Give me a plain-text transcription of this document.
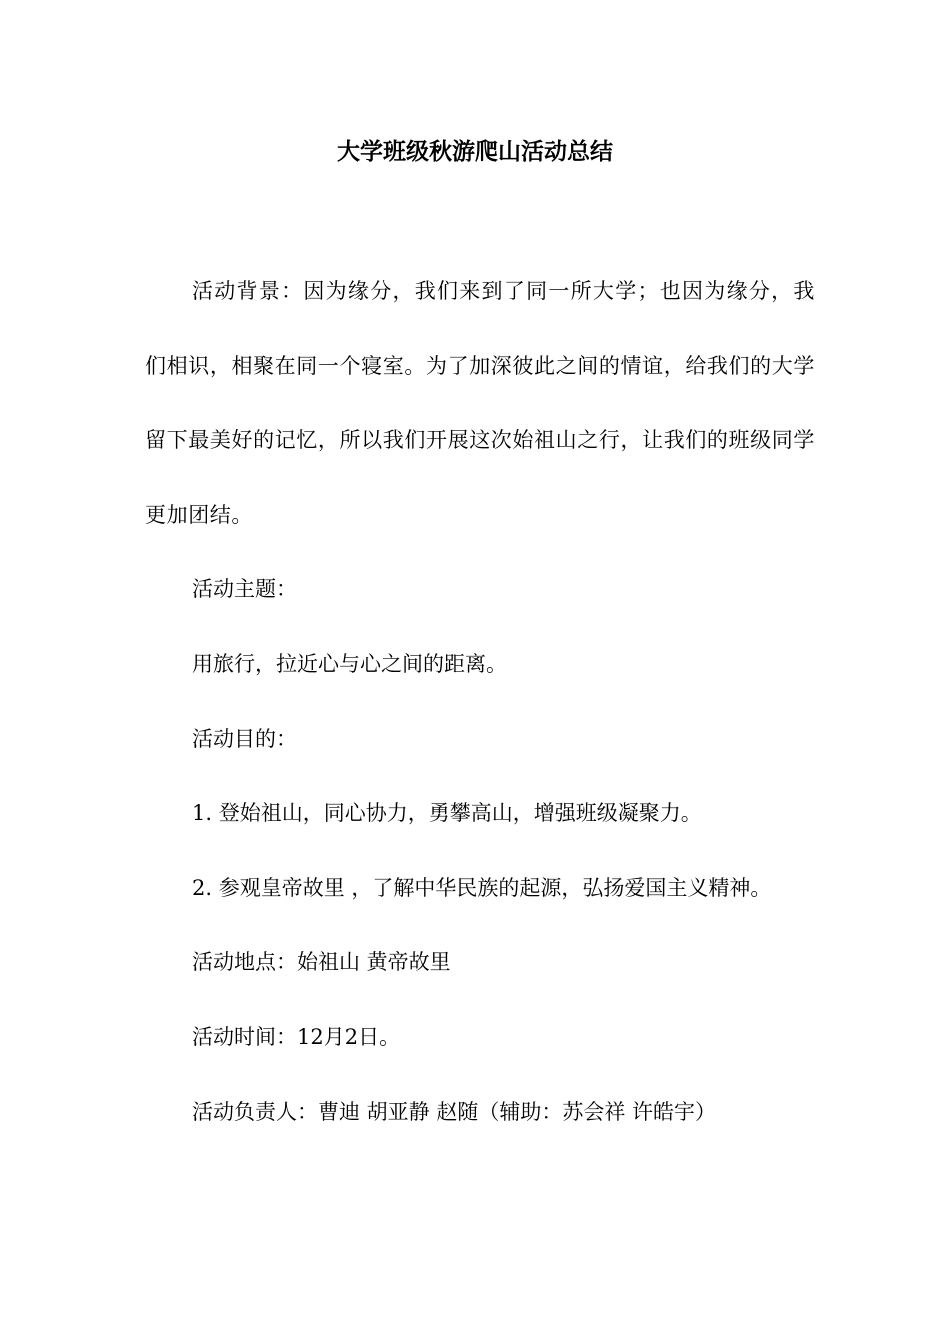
大学班级秋游爬山活动总结

活动背景：因为缘分，我们来到了同一所大学；也因为缘分，我们相识，相聚在同一个寝室。为了加深彼此之间的情谊，给我们的大学留下最美好的记忆，所以我们开展这次始祖山之行，让我们的班级同学更加团结。

活动主题：

用旅行，拉近心与心之间的距离。

活动目的：

1. 登始祖山，同心协力，勇攀高山，增强班级凝聚力。

2. 参观皇帝故里 ，了解中华民族的起源，弘扬爱国主义精神。

活动地点：始祖山 黄帝故里

活动时间：12月2日。

活动负责人：曹迪 胡亚静 赵随（辅助：苏会祥 许皓宇）
